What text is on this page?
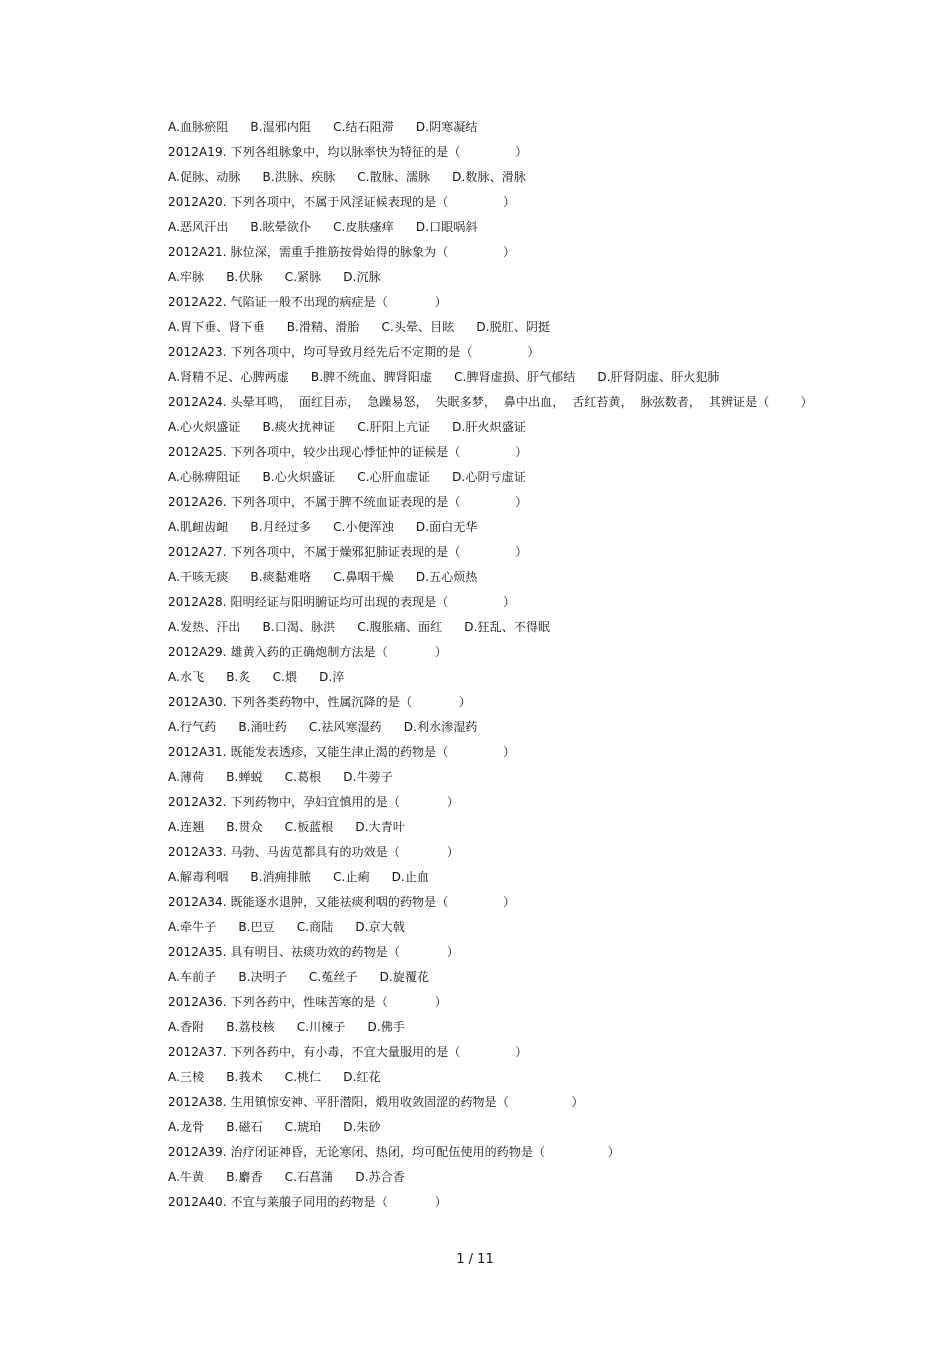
A.血脉瘀阻 B.湿邪内阻 C.结石阻滞 D.阴寒凝结
2012A19. 下列各组脉象中，均以脉率快为特征的是（              ）
A.促脉、动脉 B.洪脉、疾脉 C.散脉、濡脉 D.数脉、滑脉
2012A20. 下列各项中，不属于风淫证候表现的是（              ）
A.恶风汗出 B.眩晕欲仆 C.皮肤瘙痒 D.口眼㖞斜
2012A21. 脉位深，需重手推筋按骨始得的脉象为（              ）
A.牢脉 B.伏脉 C.紧脉 D.沉脉
2012A22. 气陷证一般不出现的病症是（            ）
A.胃下垂、肾下垂 B.滑精、滑胎 C.头晕、目眩 D.脱肛、阴挺
2012A23. 下列各项中，均可导致月经先后不定期的是（              ）
A.肾精不足、心脾两虚 B.脾不统血、脾肾阳虚 C.脾肾虚损、肝气郁结 D.肝肾阴虚、肝火犯肺
2012A24. 头晕耳鸣，  面红目赤，  急躁易怒，  失眠多梦，  鼻中出血，  舌红苔黄，  脉弦数者，  其辨证是（        ）
A.心火炽盛证 B.痰火扰神证 C.肝阳上亢证 D.肝火炽盛证
2012A25. 下列各项中，较少出现心悸怔忡的证候是（              ）
A.心脉痹阻证 B.心火炽盛证 C.心肝血虚证 D.心阴亏虚证
2012A26. 下列各项中，不属于脾不统血证表现的是（              ）
A.肌衄齿衄 B.月经过多 C.小便浑浊 D.面白无华
2012A27. 下列各项中，不属于燥邪犯肺证表现的是（              ）
A.干咳无痰 B.痰黏难咯 C.鼻咽干燥 D.五心烦热
2012A28. 阳明经证与阳明腑证均可出现的表现是（              ）
A.发热、汗出 B.口渴、脉洪 C.腹胀痛、面红 D.狂乱、不得眠
2012A29. 雄黄入药的正确炮制方法是（            ）
A.水飞 B.炙 C.煨 D.淬
2012A30. 下列各类药物中，性属沉降的是（            ）
A.行气药 B.涌吐药 C.祛风寒湿药 D.利水渗湿药
2012A31. 既能发表透疹，又能生津止渴的药物是（              ）
A.薄荷 B.蝉蜕 C.葛根 D.牛蒡子
2012A32. 下列药物中，孕妇宜慎用的是（            ）
A.连翘 B.贯众 C.板蓝根 D.大青叶
2012A33. 马勃、马齿苋都具有的功效是（            ）
A.解毒利咽 B.消痈排脓 C.止痢 D.止血
2012A34. 既能逐水退肿，又能祛痰利咽的药物是（              ）
A.牵牛子 B.巴豆 C.商陆 D.京大戟
2012A35. 具有明目、祛痰功效的药物是（            ）
A.车前子 B.决明子 C.菟丝子 D.旋覆花
2012A36. 下列各药中，性味苦寒的是（            ）
A.香附 B.荔枝核 C.川楝子 D.佛手
2012A37. 下列各药中，有小毒，不宜大量服用的是（              ）
A.三棱 B.莪术 C.桃仁 D.红花
2012A38. 生用镇惊安神、平肝潜阳，煅用收敛固涩的药物是（                ）
A.龙骨 B.磁石 C.琥珀 D.朱砂
2012A39. 治疗闭证神昏，无论寒闭、热闭，均可配伍使用的药物是（                ）
A.牛黄 B.麝香 C.石菖蒲 D.苏合香
2012A40. 不宜与莱菔子同用的药物是（            ）
1 / 11
